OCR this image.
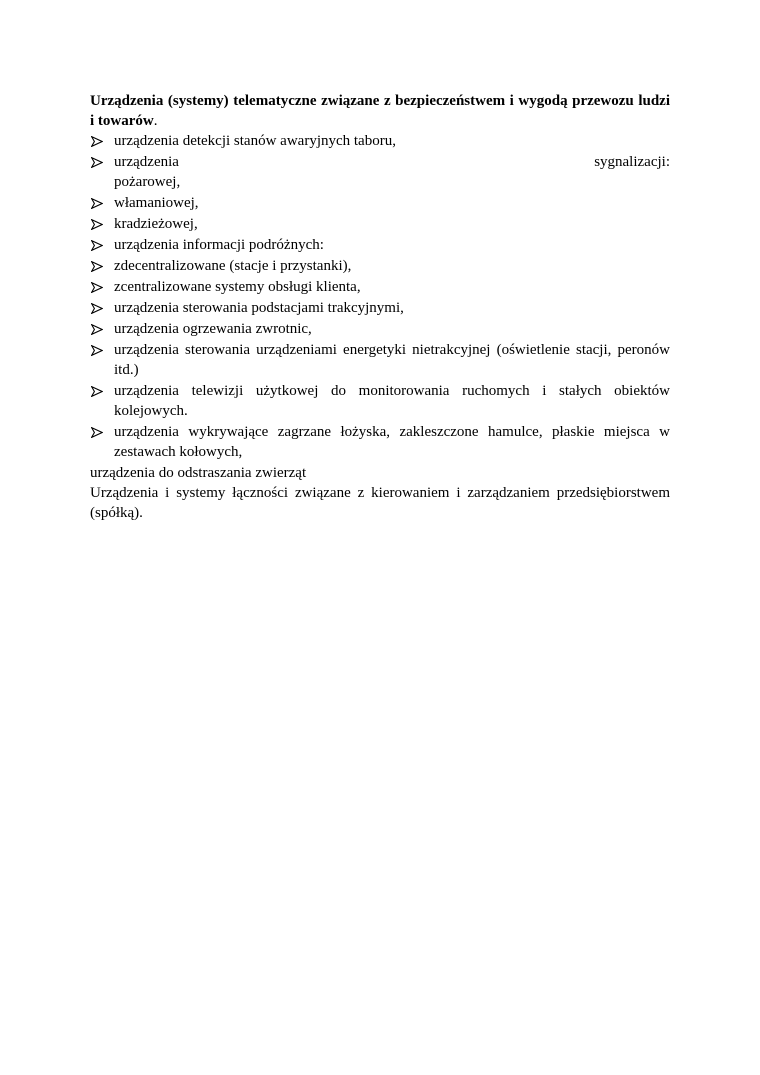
Urządzenia (systemy) telematyczne związane z bezpieczeństwem i wygodą przewozu ludzi i towarów.

urządzenia detekcji stanów awaryjnych taboru,
urządzenia	sygnalizacji:
pożarowej,
włamaniowej,
kradzieżowej,
urządzenia informacji podróżnych:
zdecentralizowane (stacje i przystanki),
zcentralizowane systemy obsługi klienta,
urządzenia sterowania podstacjami trakcyjnymi,
urządzenia ogrzewania zwrotnic,
urządzenia sterowania urządzeniami energetyki nietrakcyjnej (oświetlenie stacji, peronów itd.)
urządzenia telewizji użytkowej do monitorowania ruchomych i stałych obiektów kolejowych.
urządzenia wykrywające zagrzane łożyska, zakleszczone hamulce, płaskie miejsca w zestawach kołowych,

urządzenia do odstraszania zwierząt

Urządzenia i systemy łączności związane z kierowaniem i zarządzaniem przedsiębiorstwem (spółką).
